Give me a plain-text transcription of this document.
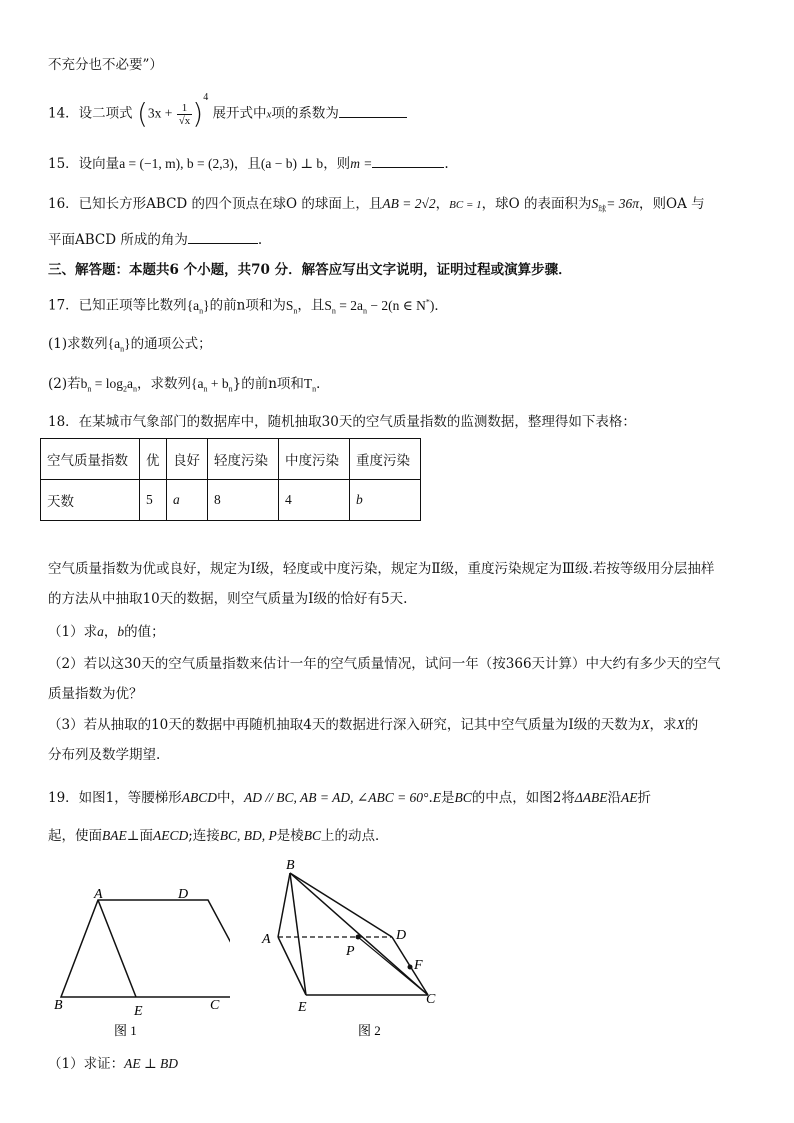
不充分也不必要”）
14．设二项式 $(3x + \frac{1}{√x} )^4$ 展开式中x项的系数为
15．设向量a = (−1, m), b = (2,3)，且(a − b) ⊥ b，则m =	.
16．已知长方形ABCD 的四个顶点在球O 的球面上，且AB = 2√2，BC = 1，球O 的表面积为$S_球= 36\pi$，则OA 与
平面ABCD 所成的角为	.
三、解答题：本题共6 个小题，共70 分．解答应写出文字说明，证明过程或演算步骤．
17．已知正项等比数列$\{a_n\}$的前n项和为$S_n$，且$S_n = 2a_n - 2(n$ ∈ N*)．
(1)求数列$\{a_n\}$的通项公式；
(2)若$b_n = \log_2a_n$，求数列$\{a_n + b_n\}$的前n项和$T_n$．
18．在某城市气象部门的数据库中，随机抽取30天的空气质量指数的监测数据，整理得如下表格：
空气质量指数	优	良好	轻度污染	中度污染	重度污染
天数	5	a	8	4	b
空气质量指数为优或良好，规定为Ⅰ级，轻度或中度污染，规定为Ⅱ级，重度污染规定为Ⅲ级.若按等级用分层抽样
的方法从中抽取10天的数据，则空气质量为Ⅰ级的恰好有5天.
（1）求a，b的值；
（2）若以这30天的空气质量指数来估计一年的空气质量情况，试问一年（按366天计算）中大约有多少天的空气
质量指数为优？
（3）若从抽取的10天的数据中再随机抽取4天的数据进行深入研究，记其中空气质量为Ⅰ级的天数为X，求X的
分布列及数学期望.
19．如图1，等腰梯形ABCD中，AD // BC, AB = AD, ∠ABC = 60°.E是BC的中点，如图2将ΔABE沿AE折
起，使面BAE⊥面AECD;连接BC, BD, P是棱BC上的动点．
A	D
B	E	C
图 1
B
A
P
D
F
E
C
图 2
（1）求证：AE ⊥ BD
